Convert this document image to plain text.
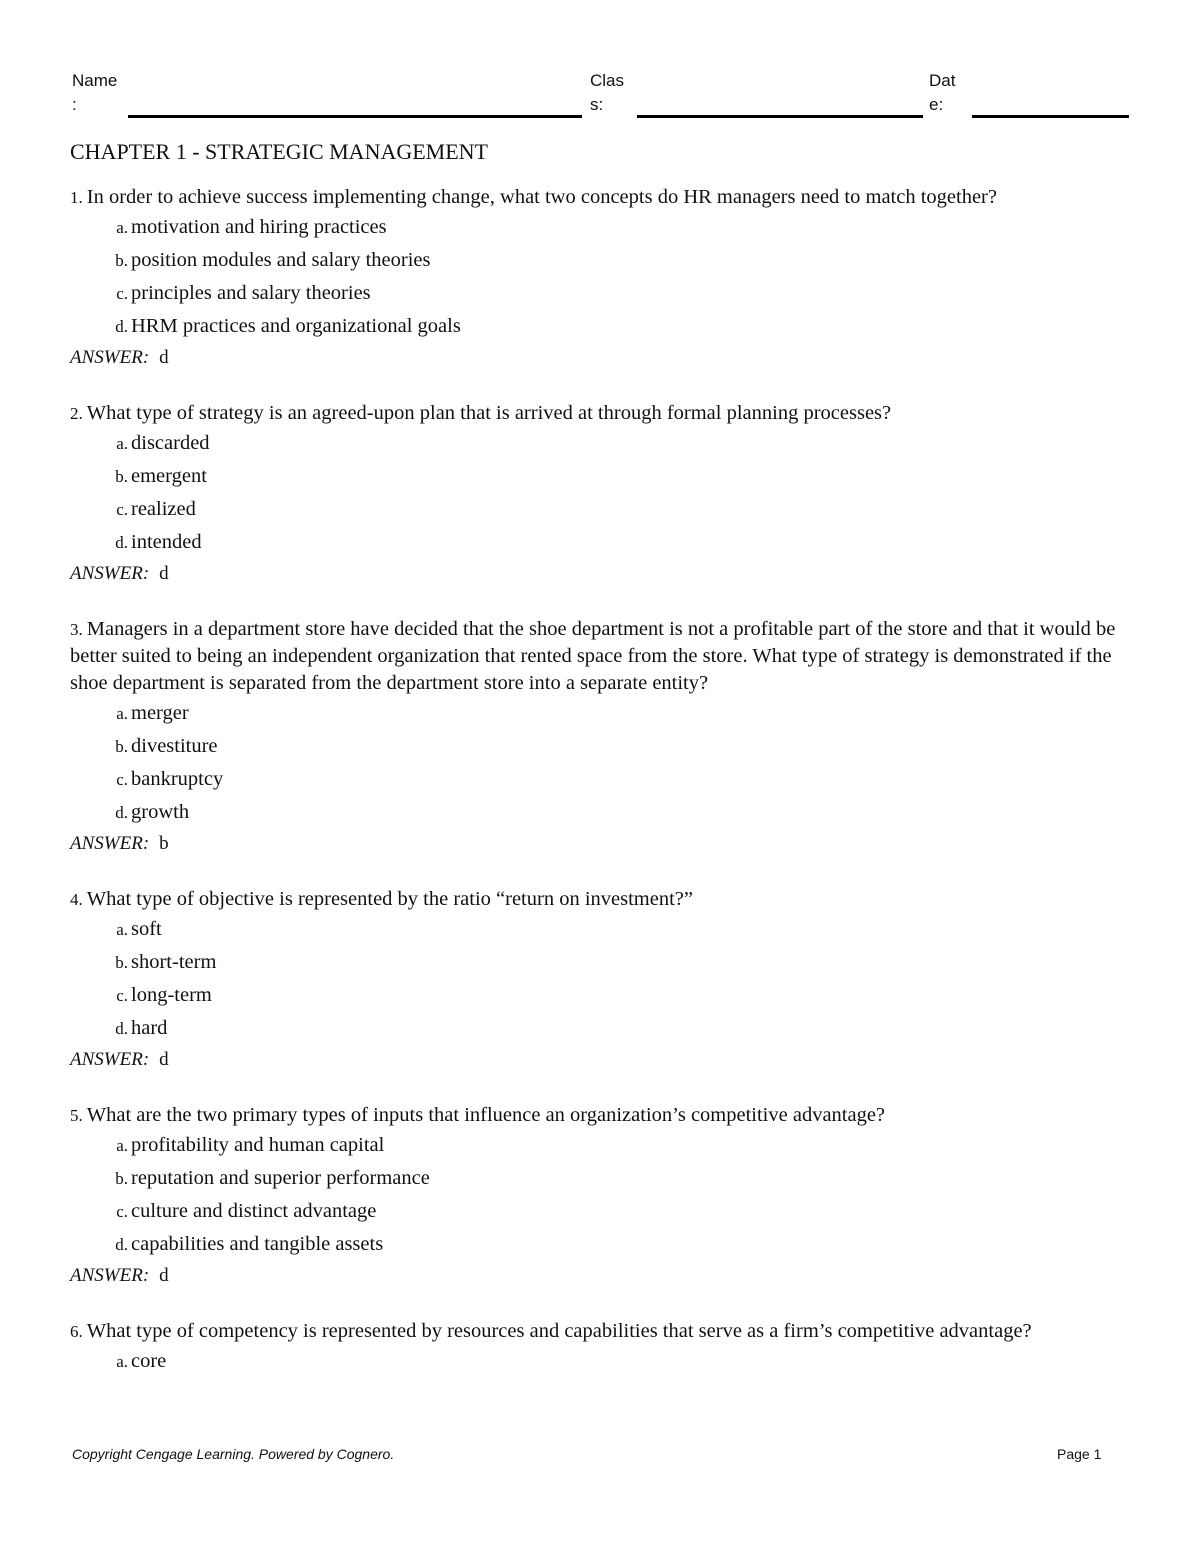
Name
:
Clas
s:
Dat
e:
CHAPTER 1 - STRATEGIC MANAGEMENT

1. In order to achieve success implementing change, what two concepts do HR managers need to match together?

a. motivation and hiring practices
b. position modules and salary theories
c. principles and salary theories
d. HRM practices and organizational goals
ANSWER: d

2. What type of strategy is an agreed-upon plan that is arrived at through formal planning processes?

a. discarded
b. emergent
c. realized
d. intended
ANSWER: d

3. Managers in a department store have decided that the shoe department is not a profitable part of the store and that it would be better suited to being an independent organization that rented space from the store. What type of strategy is demonstrated if the shoe department is separated from the department store into a separate entity?

a. merger
b. divestiture
c. bankruptcy
d. growth
ANSWER: b

4. What type of objective is represented by the ratio “return on investment?”

a. soft
b. short-term
c. long-term
d. hard
ANSWER: d

5. What are the two primary types of inputs that influence an organization’s competitive advantage?

a. profitability and human capital
b. reputation and superior performance
c. culture and distinct advantage
d. capabilities and tangible assets
ANSWER: d

6. What type of competency is represented by resources and capabilities that serve as a firm’s competitive advantage?

a. core
Copyright Cengage Learning. Powered by Cognero.	Page 1
